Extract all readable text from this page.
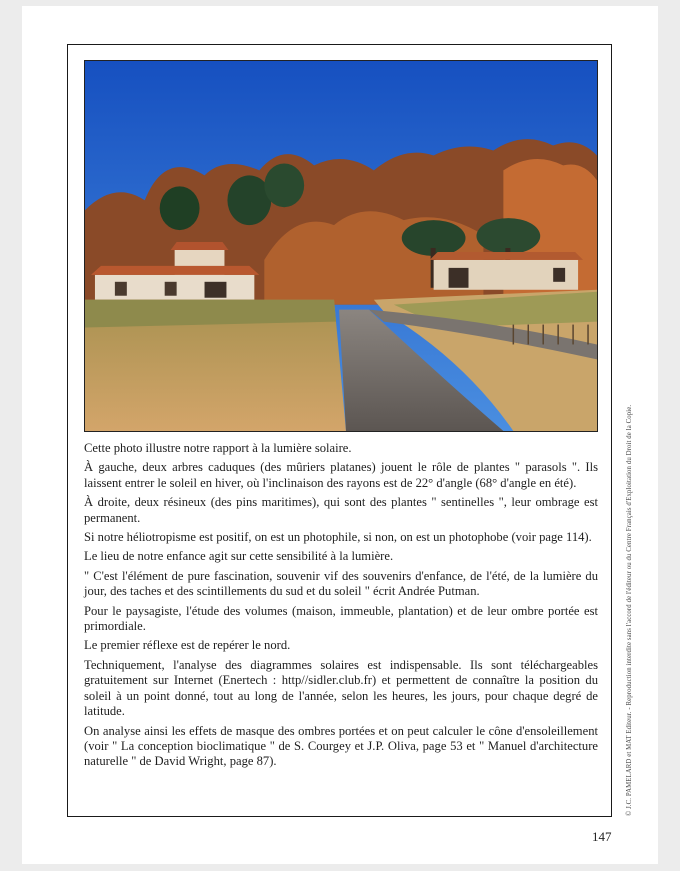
Cette photo illustre notre rapport à la lumière solaire.

À gauche, deux arbres caduques (des mûriers platanes) jouent le rôle de plantes " parasols ". Ils laissent entrer le soleil en hiver, où l'inclinaison des rayons est de 22° d'angle (68° d'angle en été).

À droite, deux résineux (des pins maritimes), qui sont des plantes " sentinelles ", leur ombrage est permanent.

Si notre héliotropisme est positif, on est un photophile, si non, on est un photophobe (voir page 114).

Le lieu de notre enfance agit sur cette sensibilité à la lumière.

" C'est l'élément de pure fascination, souvenir vif des souvenirs d'enfance, de l'été, de la lumière du jour, des taches et des scintillements du sud et du soleil " écrit Andrée Putman.

Pour le paysagiste, l'étude des volumes (maison, immeuble, plantation) et de leur ombre portée est primordiale.

Le premier réflexe est de repérer le nord.

Techniquement, l'analyse des diagrammes solaires est indispensable. Ils sont téléchargeables gratuitement sur Internet (Enertech : http//sidler.club.fr) et permettent de connaître la position du soleil à un point donné, tout au long de l'année, selon les heures, les jours, pour chaque degré de latitude.

On analyse ainsi les effets de masque des ombres portées et on peut calculer le cône d'ensoleillement (voir " La conception bioclimatique " de S. Courgey et J.P. Oliva, page 53 et " Manuel d'architecture naturelle " de David Wright, page 87).	© J.C. PAMELARD et MAT Editeur. - Reproduction interdite sans l'accord de l'éditeur ou du Centre Français d'Exploitation du Droit de la Copie.
147
